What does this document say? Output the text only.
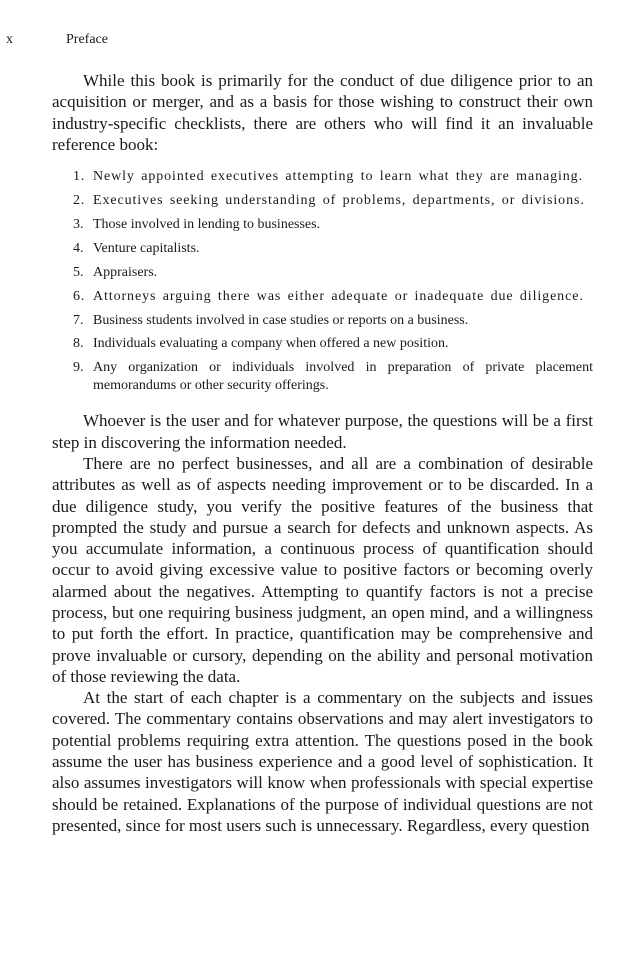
x	Preface

While this book is primarily for the conduct of due diligence prior to an acquisition or merger, and as a basis for those wishing to construct their own industry-specific checklists, there are others who will find it an invaluable reference book:

1. Newly appointed executives attempting to learn what they are managing.
2. Executives seeking understanding of problems, departments, or divisions.
3. Those involved in lending to businesses.
4. Venture capitalists.
5. Appraisers.
6. Attorneys arguing there was either adequate or inadequate due diligence.
7. Business students involved in case studies or reports on a business.
8. Individuals evaluating a company when offered a new position.
9. Any organization or individuals involved in preparation of private placement memorandums or other security offerings.

Whoever is the user and for whatever purpose, the questions will be a first step in discovering the information needed.

There are no perfect businesses, and all are a combination of desirable attributes as well as of aspects needing improvement or to be discarded. In a due diligence study, you verify the positive features of the business that prompted the study and pursue a search for defects and unknown aspects. As you accumulate information, a continuous process of quantification should occur to avoid giving excessive value to positive factors or becoming overly alarmed about the negatives. Attempting to quantify factors is not a precise process, but one requiring business judgment, an open mind, and a willingness to put forth the effort. In practice, quantification may be comprehensive and prove invaluable or cursory, depending on the ability and personal motivation of those reviewing the data.

At the start of each chapter is a commentary on the subjects and issues covered. The commentary contains observations and may alert investigators to potential problems requiring extra attention. The questions posed in the book assume the user has business experience and a good level of sophistication. It also assumes investigators will know when professionals with special expertise should be retained. Explanations of the purpose of individual questions are not presented, since for most users such is unnecessary. Regardless, every question
